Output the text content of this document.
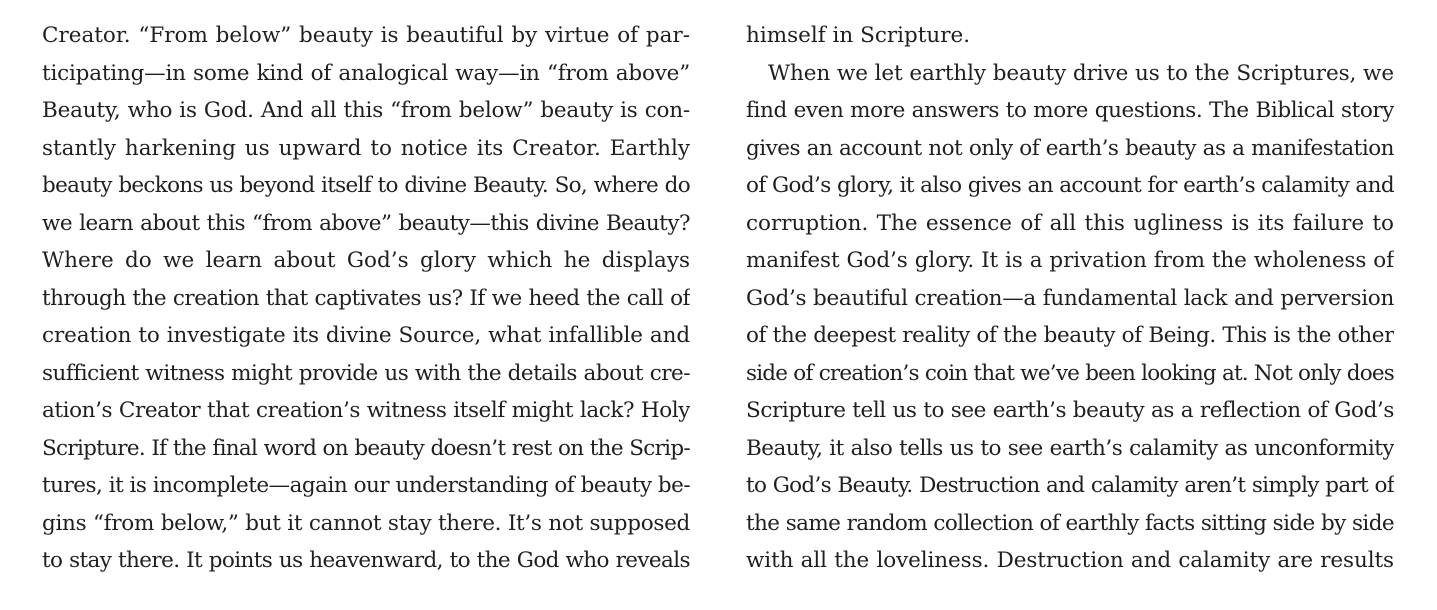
Creator. “From below” beauty is beautiful by virtue of par-
ticipating—in some kind of analogical way—in “from above”
Beauty, who is God. And all this “from below” beauty is con-
stantly harkening us upward to notice its Creator. Earthly
beauty beckons us beyond itself to divine Beauty. So, where do
we learn about this “from above” beauty—this divine Beauty?
Where do we learn about God’s glory which he displays
through the creation that captivates us? If we heed the call of
creation to investigate its divine Source, what infallible and
sufficient witness might provide us with the details about cre-
ation’s Creator that creation’s witness itself might lack? Holy
Scripture. If the final word on beauty doesn’t rest on the Scrip-
tures, it is incomplete—again our understanding of beauty be-
gins “from below,” but it cannot stay there. It’s not supposed
to stay there. It points us heavenward, to the God who reveals
himself in Scripture.
When we let earthly beauty drive us to the Scriptures, we
find even more answers to more questions. The Biblical story
gives an account not only of earth’s beauty as a manifestation
of God’s glory, it also gives an account for earth’s calamity and
corruption. The essence of all this ugliness is its failure to
manifest God’s glory. It is a privation from the wholeness of
God’s beautiful creation—a fundamental lack and perversion
of the deepest reality of the beauty of Being. This is the other
side of creation’s coin that we’ve been looking at. Not only does
Scripture tell us to see earth’s beauty as a reflection of God’s
Beauty, it also tells us to see earth’s calamity as unconformity
to God’s Beauty. Destruction and calamity aren’t simply part of
the same random collection of earthly facts sitting side by side
with all the loveliness. Destruction and calamity are results
